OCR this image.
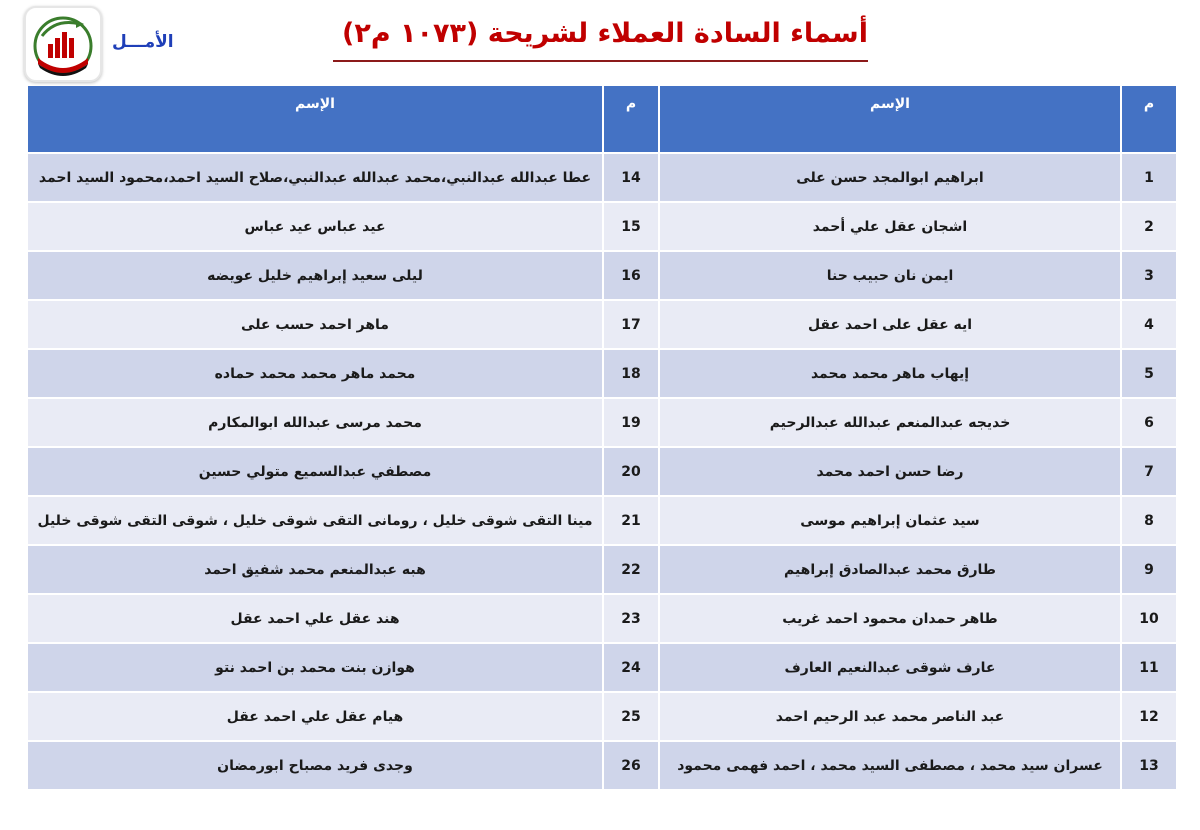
الأمـــل	أسماء السادة العملاء لشريحة (١٠٧٣ م٢)
م	الإسم	م	الإسم
1	ابراهيم ابوالمجد حسن على	14	عطا عبدالله عبدالنبي،محمد عبدالله عبدالنبي،صلاح السيد احمد،محمود السيد احمد
2	اشجان عقل علي أحمد	15	عيد عباس عيد عباس
3	ايمن نان حبيب حنا	16	ليلى سعيد إبراهيم خليل عويضه
4	ايه عقل على احمد عقل	17	ماهر احمد حسب على
5	إيهاب ماهر محمد محمد	18	محمد ماهر محمد محمد حماده
6	خديجه عبدالمنعم عبدالله عبدالرحيم	19	محمد مرسى عبدالله ابوالمكارم
7	رضا حسن احمد محمد	20	مصطفي عبدالسميع متولي حسين
8	سيد عثمان إبراهيم موسى	21	مينا التقى شوقى خليل ، رومانى التقى شوقى خليل ، شوقى التقى شوقى خليل
9	طارق محمد عبدالصادق إبراهيم	22	هبه عبدالمنعم محمد شفيق احمد
10	طاهر حمدان محمود احمد غريب	23	هند عقل علي احمد عقل
11	عارف شوقى عبدالنعيم العارف	24	هوازن بنت محمد بن احمد نتو
12	عبد الناصر محمد عبد الرحيم احمد	25	هيام عقل علي احمد عقل
13	عسران سيد محمد ، مصطفى السيد محمد ، احمد فهمى محمود	26	وجدى فريد مصباح ابورمضان
